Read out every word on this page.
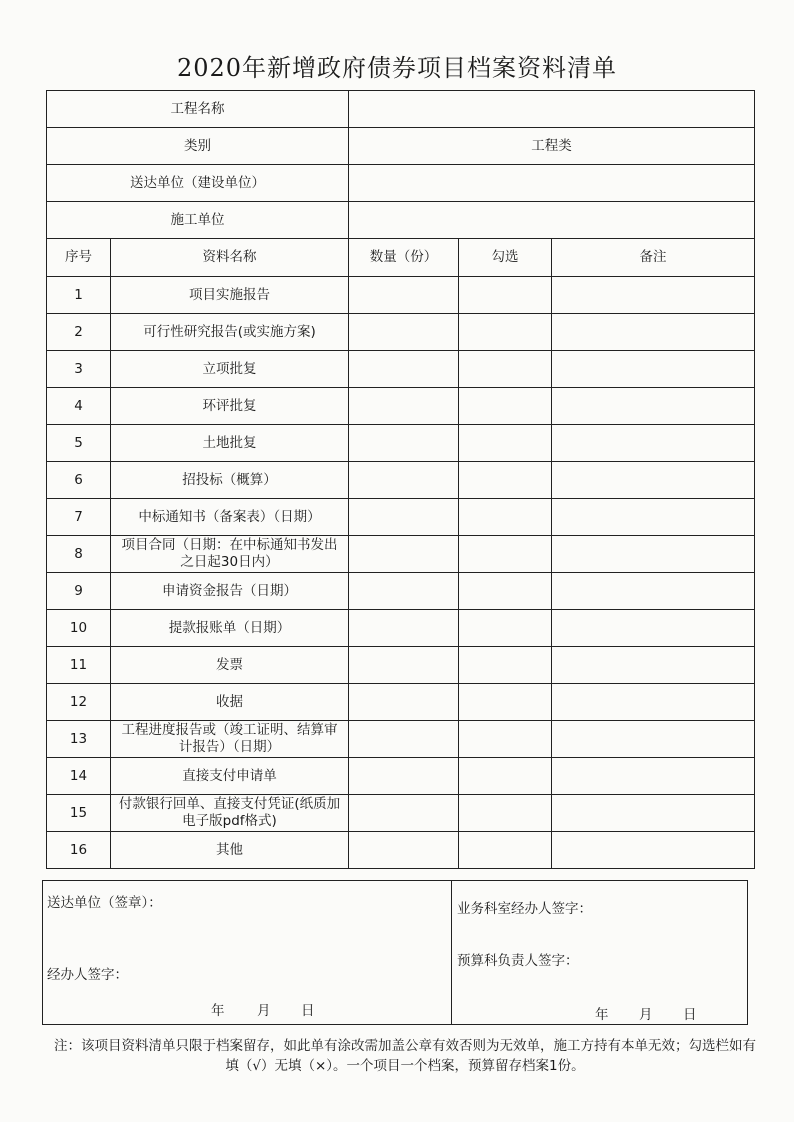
2020年新增政府债券项目档案资料清单
工程名称				
类别		工程类		
送达单位（建设单位）				
施工单位				
序号	资料名称	数量（份）	勾选	备注
1	项目实施报告			
2	可行性研究报告(或实施方案)			
3	立项批复			
4	环评批复			
5	土地批复			
6	招投标（概算）			
7	中标通知书（备案表）（日期）			
8	项目合同（日期：在中标通知书发出之日起30日内）			
9	申请资金报告（日期）			
10	提款报账单（日期）			
11	发票			
12	收据			
13	工程进度报告或（竣工证明、结算审计报告）（日期）			
14	直接支付申请单			
15	付款银行回单、直接支付凭证(纸质加电子版pdf格式)			
16	其他			
送达单位（签章）：
经办人签字：
年 月 日
业务科室经办人签字：
预算科负责人签字：
年 月 日
注：该项目资料清单只限于档案留存，如此单有涂改需加盖公章有效否则为无效单，施工方持有本单无效；勾选栏如有填（√）无填（×）。一个项目一个档案，预算留存档案1份。
